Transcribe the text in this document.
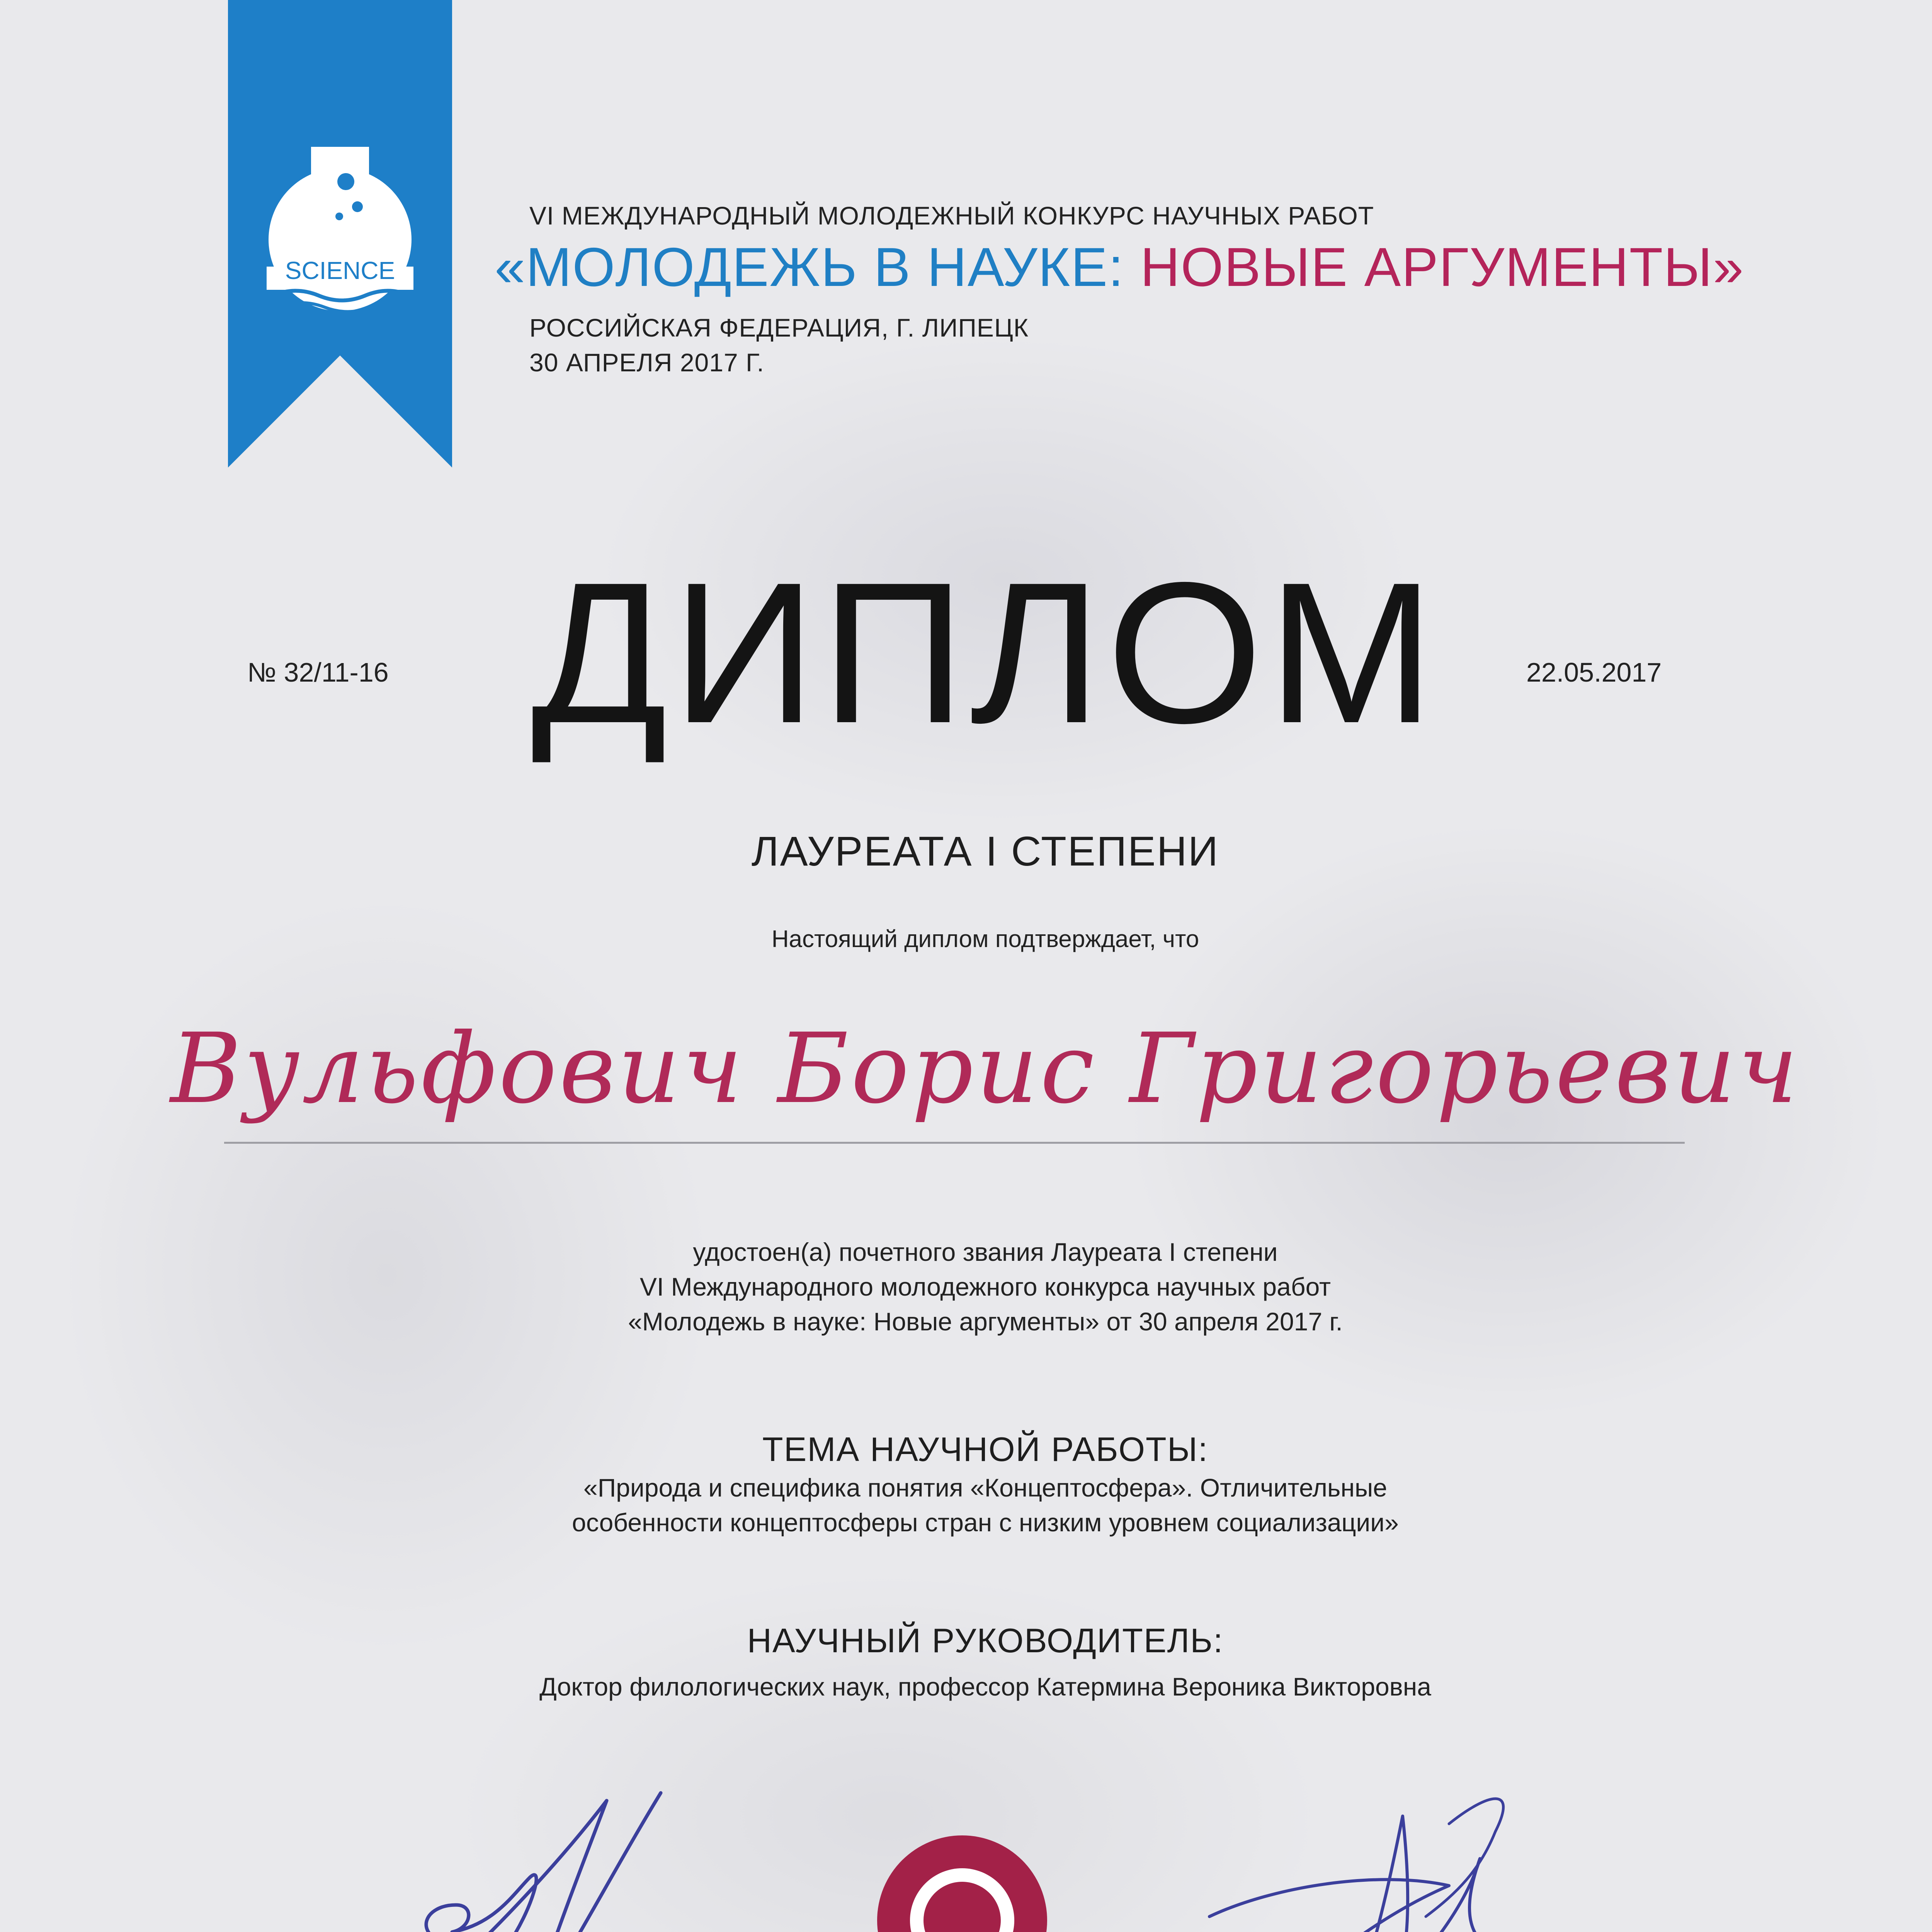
SCIENCE
VI МЕЖДУНАРОДНЫЙ МОЛОДЕЖНЫЙ КОНКУРС НАУЧНЫХ РАБОТ
«МОЛОДЕЖЬ В НАУКЕ: НОВЫЕ АРГУМЕНТЫ»
РОССИЙСКАЯ ФЕДЕРАЦИЯ, Г. ЛИПЕЦК
30 АПРЕЛЯ 2017 Г.
№ 32/11-16	22.05.2017
ДИПЛОМ
ЛАУРЕАТА I СТЕПЕНИ
Настоящий диплом подтверждает, что
Вульфович Борис Григорьевич
удостоен(а) почетного звания Лауреата I степени
VI Международного молодежного конкурса научных работ
«Молодежь в науке: Новые аргументы» от 30 апреля 2017 г.
ТЕМА НАУЧНОЙ РАБОТЫ:
«Природа и специфика понятия «Концептосфера». Отличительные
особенности концептосферы стран с низким уровнем социализации»
НАУЧНЫЙ РУКОВОДИТЕЛЬ:
Доктор филологических наук, профессор Катермина Вероника Викторовна
